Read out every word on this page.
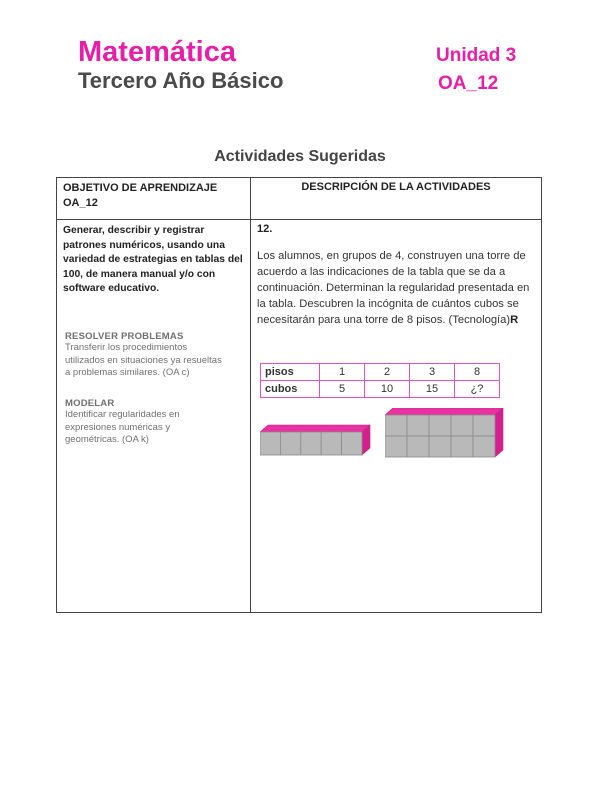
Matemática
Tercero Año Básico
Unidad 3
OA_12
Actividades Sugeridas
OBJETIVO DE APRENDIZAJE OA_12
DESCRIPCIÓN DE LA ACTIVIDADES
Generar, describir y registrar patrones numéricos, usando una variedad de estrategias en tablas del 100, de manera manual y/o con software educativo.
RESOLVER PROBLEMAS
Transferir los procedimientos utilizados en situaciones ya resueltas a problemas similares. (OA c)
MODELAR
Identificar regularidades en expresiones numéricas y geométricas. (OA k)
12.
Los alumnos, en grupos de 4, construyen una torre de acuerdo a las indicaciones de la tabla que se da a continuación. Determinan la regularidad presentada en la tabla. Descubren la incógnita de cuántos cubos se necesitarán para una torre de 8 pisos. (Tecnología)R
pisos	1	2	3	8
cubos	5	10	15	¿?
